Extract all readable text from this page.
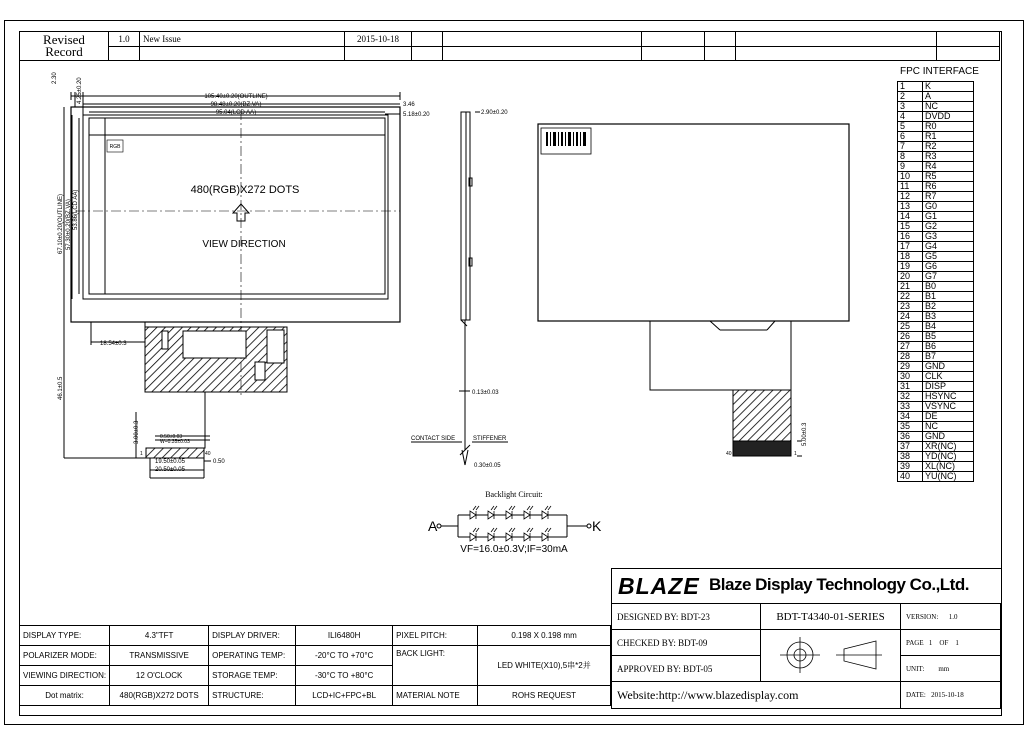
Revised
Record	1.0	New Issue	2015-10-18						

2.30
105.40±0.20(OUTLINE)
98.48±0.20(BZ.VA)
95.04(LCD AA)
3.46
5.18±0.20
4.25±0.20
67.10±0.20(OUTLINE) 57.30±0.20(BZ.VA) 53.86(LCD AA)
RGB
480(RGB)X272 DOTS
VIEW DIRECTION
18.54±0.3
46.1±0.5
3.00±0.3	0.50±0.03
W=0.35±0.03
19.50±0.05
20.50±0.05
0.50
40
1
2.90±0.20
0.13±0.03
CONTACT SIDE	STIFFENER
0.30±0.05
5.00±0.3
40	1
Backlight Circuit:
A	K
VF=16.0±0.3V;IF=30mA
FPC INTERFACE
1	K
2	A
3	NC
4	DVDD
5	R0
6	R1
7	R2
8	R3
9	R4
10	R5
11	R6
12	R7
13	G0
14	G1
15	G2
16	G3
17	G4
18	G5
19	G6
20	G7
21	B0
22	B1
23	B2
24	B3
25	B4
26	B5
27	B6
28	B7
29	GND
30	CLK
31	DISP
32	HSYNC
33	VSYNC
34	DE
35	NC
36	GND
37	XR(NC)
38	YD(NC)
39	XL(NC)
40	YU(NC)
DISPLAY TYPE:	4.3"TFT	DISPLAY DRIVER:	ILI6480H	PIXEL PITCH:	0.198 X 0.198 mm
POLARIZER MODE:	TRANSMISSIVE	OPERATING TEMP:	-20°C TO +70°C	BACK LIGHT:	LED WHITE(X10),5串*2并
VIEWING DIRECTION:	12 O'CLOCK	STORAGE TEMP:	-30°C TO +80°C		
Dot matrix:	480(RGB)X272 DOTS	STRUCTURE:	LCD+IC+FPC+BL	MATERIAL NOTE	ROHS REQUEST
BLAZE Blaze Display Technology Co.,Ltd.
DESIGNED BY: BDT-23	BDT-T4340-01-SERIES	VERSION: 1.0
CHECKED BY: BDT-09		PAGE 1 OF 1
APPROVED BY: BDT-05		UNIT: mm
Website:http://www.blazedisplay.com		DATE: 2015-10-18
